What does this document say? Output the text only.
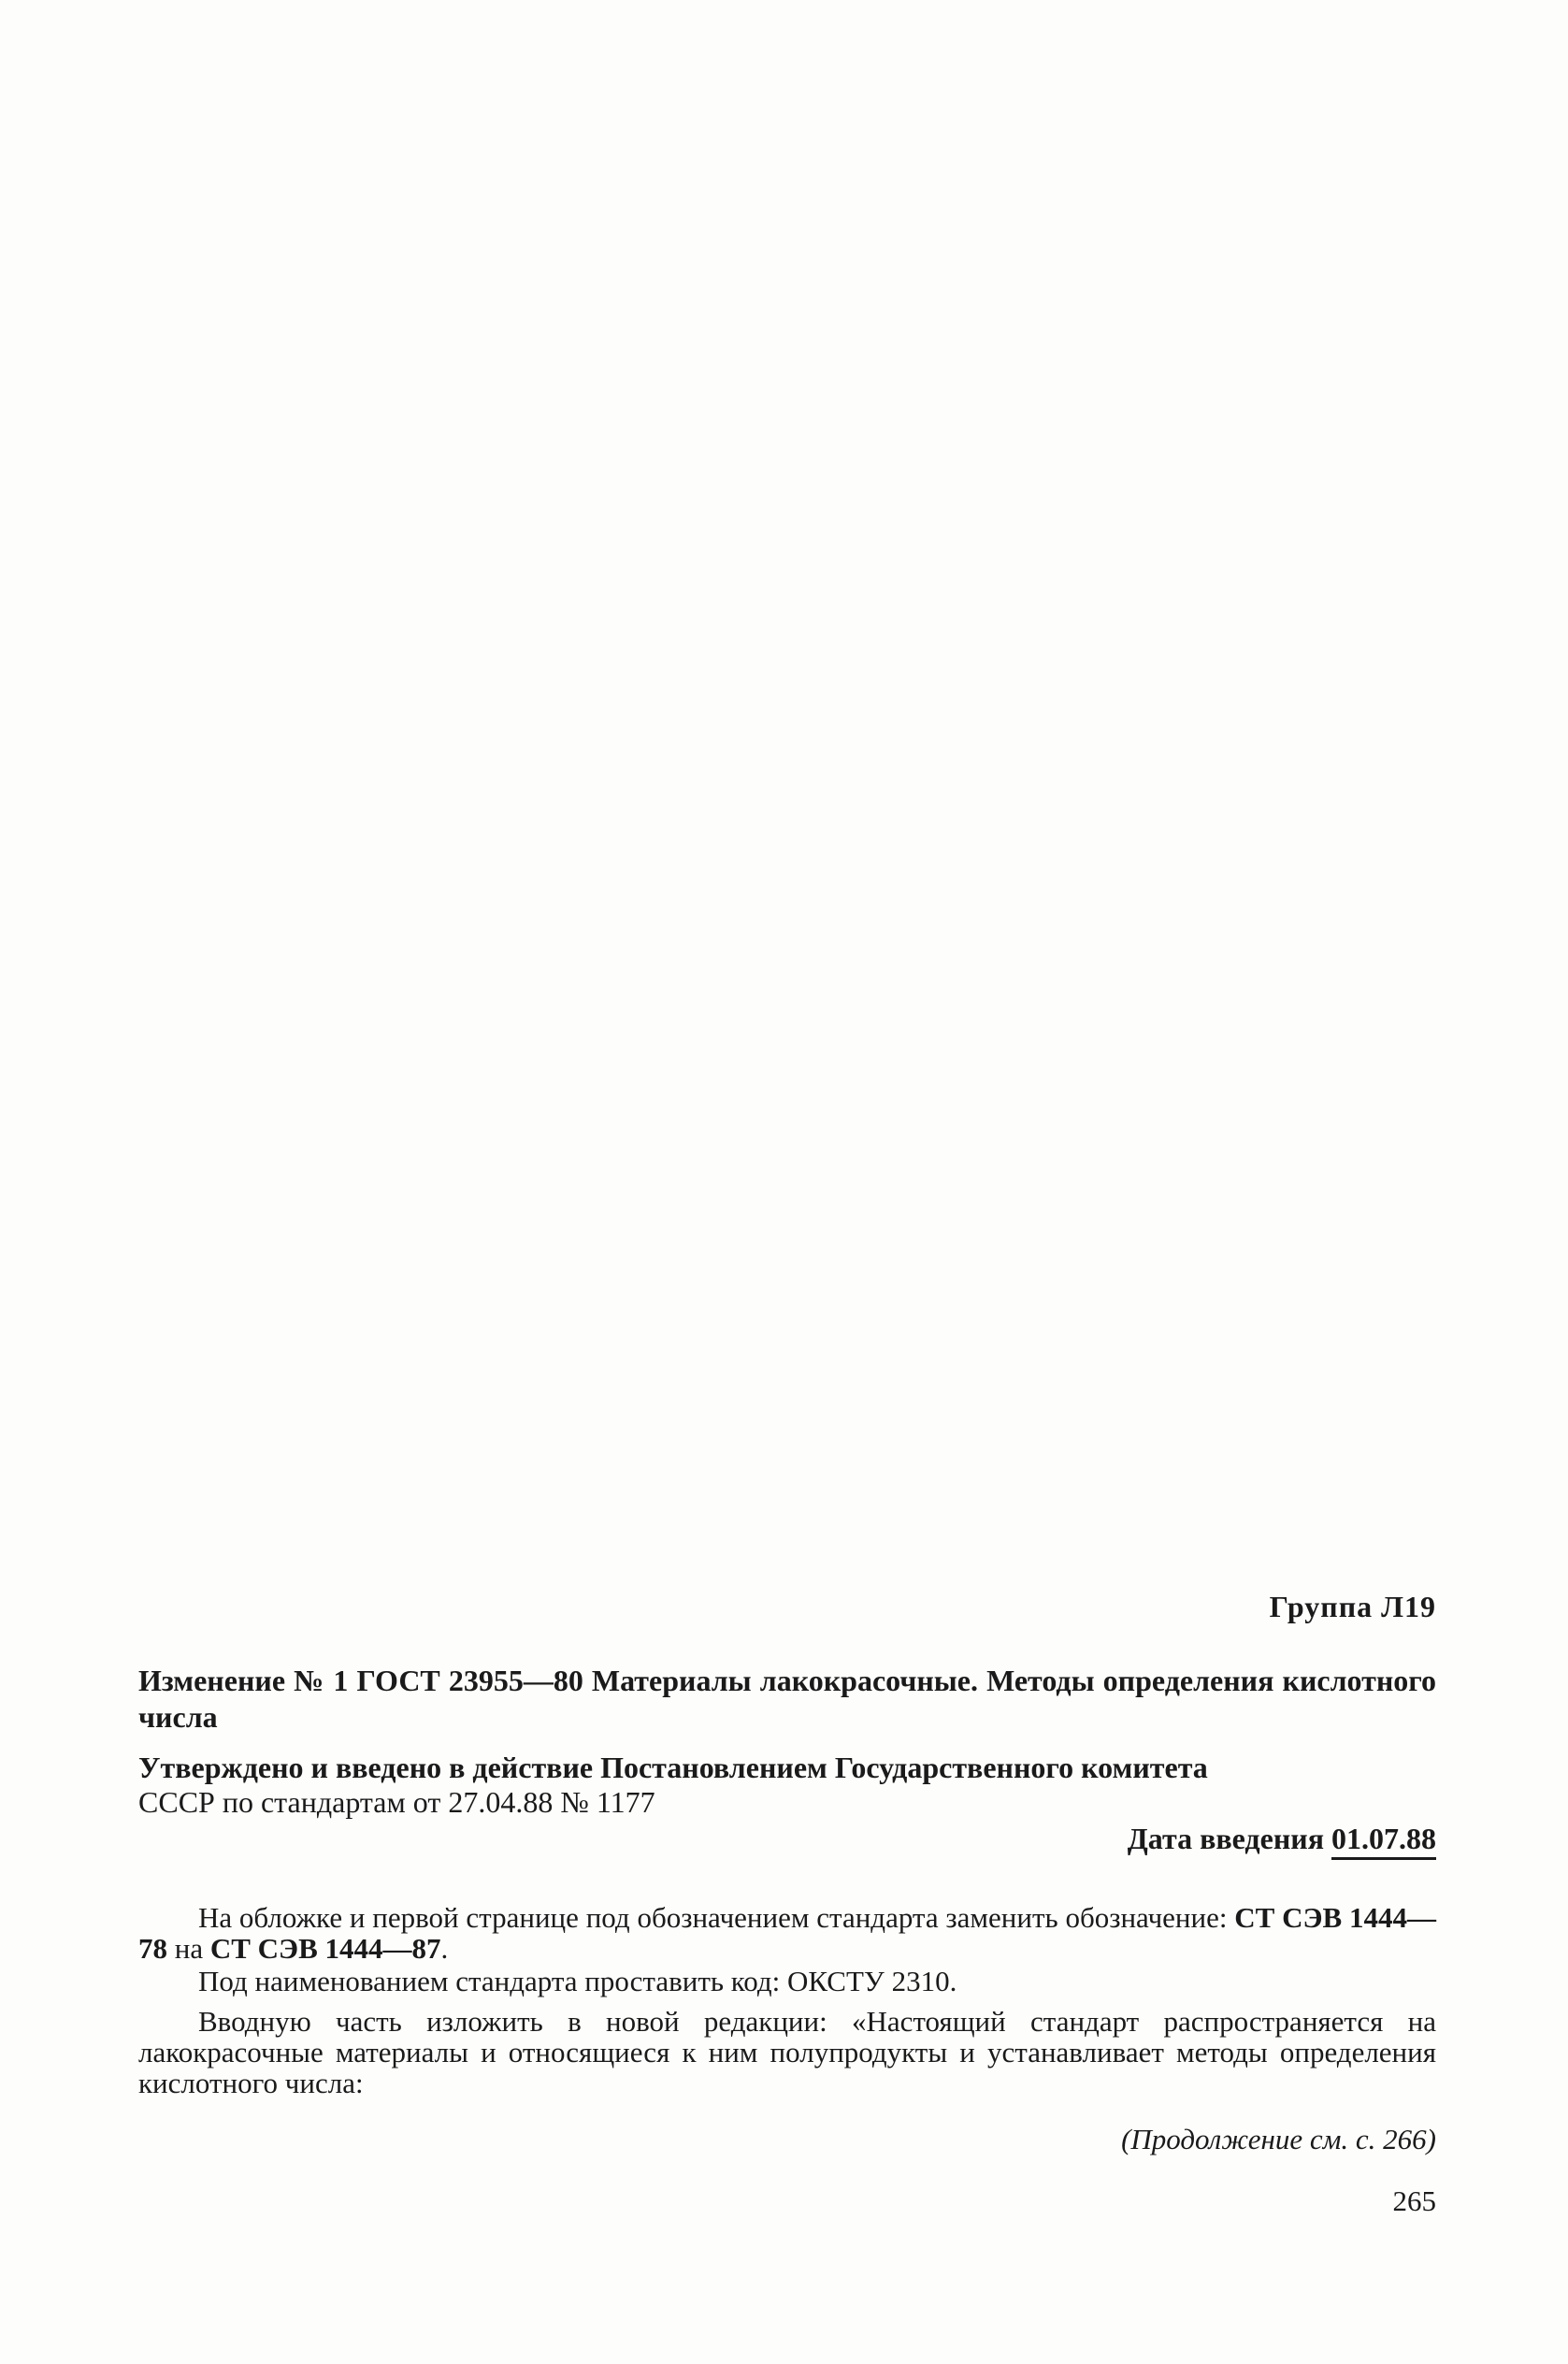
Группа Л19
Изменение № 1 ГОСТ 23955—80 Материалы лакокрасочные. Методы определения кислотного числа
Утверждено и введено в действие Постановлением Государственного комитета
СССР по стандартам от 27.04.88 № 1177
Дата введения 01.07.88

На обложке и первой странице под обозначением стандарта заменить обозначение: СТ СЭВ 1444—78 на СТ СЭВ 1444—87.

Под наименованием стандарта проставить код: ОКСТУ 2310.

Вводную часть изложить в новой редакции: «Настоящий стандарт распространяется на лакокрасочные материалы и относящиеся к ним полупродукты и устанавливает методы определения кислотного числа:

(Продолжение см. с. 266)
265
